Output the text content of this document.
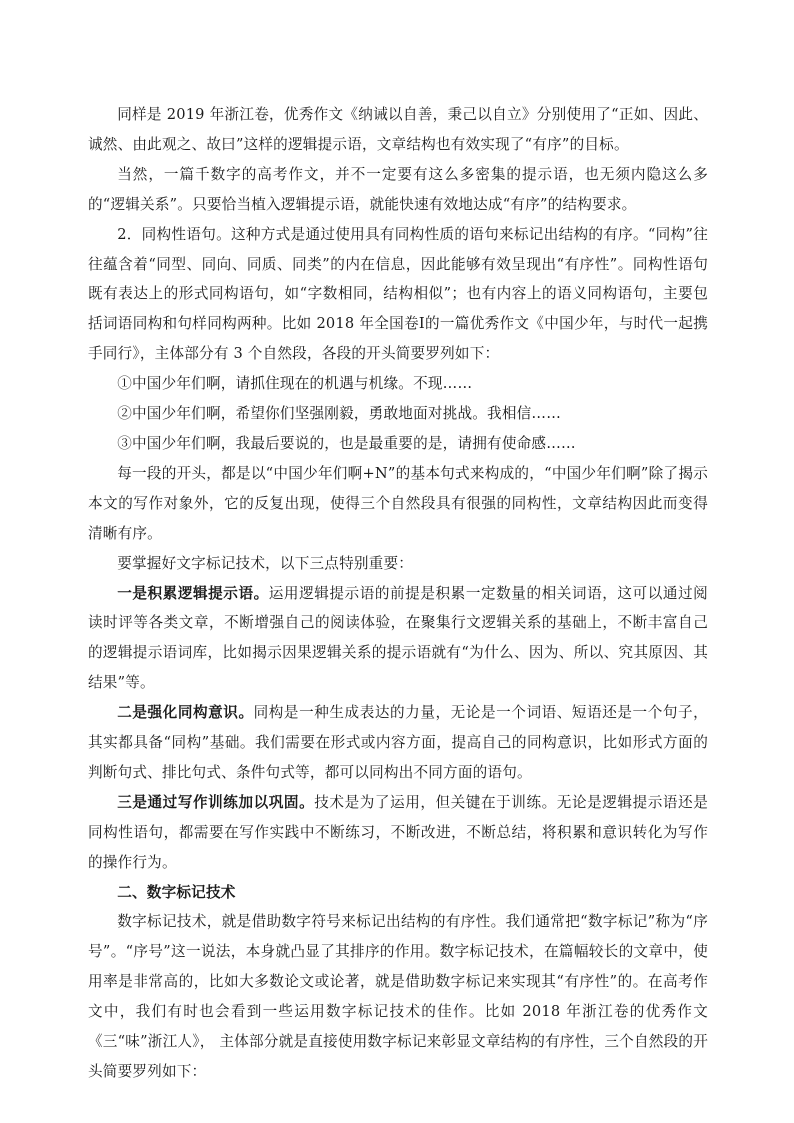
同样是 2019 年浙江卷，优秀作文《纳诫以自善，秉己以自立》分别使用了“正如、因此、诚然、由此观之、故曰”这样的逻辑提示语，文章结构也有效实现了“有序”的目标。

当然，一篇千数字的高考作文，并不一定要有这么多密集的提示语，也无须内隐这么多的“逻辑关系”。只要恰当植入逻辑提示语，就能快速有效地达成“有序”的结构要求。

2．同构性语句。这种方式是通过使用具有同构性质的语句来标记出结构的有序。“同构”往往蕴含着“同型、同向、同质、同类”的内在信息，因此能够有效呈现出“有序性”。同构性语句既有表达上的形式同构语句，如“字数相同，结构相似”；也有内容上的语义同构语句，主要包括词语同构和句样同构两种。比如 2018 年全国卷Ⅰ的一篇优秀作文《中国少年，与时代一起携手同行》，主体部分有 3 个自然段，各段的开头简要罗列如下：

①中国少年们啊，请抓住现在的机遇与机缘。不现……

②中国少年们啊，希望你们坚强刚毅，勇敢地面对挑战。我相信……

③中国少年们啊，我最后要说的，也是最重要的是，请拥有使命感……

每一段的开头，都是以“中国少年们啊+N”的基本句式来构成的，“中国少年们啊”除了揭示本文的写作对象外，它的反复出现，使得三个自然段具有很强的同构性，文章结构因此而变得清晰有序。

要掌握好文字标记技术，以下三点特别重要：

一是积累逻辑提示语。运用逻辑提示语的前提是积累一定数量的相关词语，这可以通过阅读时评等各类文章，不断增强自己的阅读体验，在聚集行文逻辑关系的基础上，不断丰富自己的逻辑提示语词库，比如揭示因果逻辑关系的提示语就有“为什么、因为、所以、究其原因、其结果”等。

二是强化同构意识。同构是一种生成表达的力量，无论是一个词语、短语还是一个句子，其实都具备“同构”基础。我们需要在形式或内容方面，提高自己的同构意识，比如形式方面的判断句式、排比句式、条件句式等，都可以同构出不同方面的语句。

三是通过写作训练加以巩固。技术是为了运用，但关键在于训练。无论是逻辑提示语还是同构性语句，都需要在写作实践中不断练习，不断改进，不断总结，将积累和意识转化为写作的操作行为。

二、数字标记技术

数字标记技术，就是借助数字符号来标记出结构的有序性。我们通常把“数字标记”称为“序号”。“序号”这一说法，本身就凸显了其排序的作用。数字标记技术，在篇幅较长的文章中，使用率是非常高的，比如大多数论文或论著，就是借助数字标记来实现其“有序性”的。在高考作文中，我们有时也会看到一些运用数字标记技术的佳作。比如 2018 年浙江卷的优秀作文《三“味”浙江人》， 主体部分就是直接使用数字标记来彰显文章结构的有序性，三个自然段的开头简要罗列如下：
